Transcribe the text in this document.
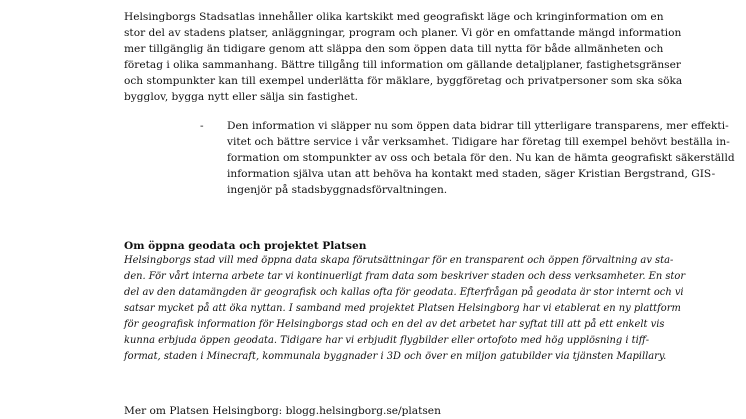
Helsingborgs Stadsatlas innehåller olika kartskikt med geografiskt läge och kringinformation om en
stor del av stadens platser, anläggningar, program och planer. Vi gör en omfattande mängd information
mer tillgänglig än tidigare genom att släppa den som öppen data till nytta för både allmänheten och
företag i olika sammanhang. Bättre tillgång till information om gällande detaljplaner, fastighetsgränser
och stompunkter kan till exempel underlätta för mäklare, byggföretag och privatpersoner som ska söka
bygglov, bygga nytt eller sälja sin fastighet.
- Den information vi släpper nu som öppen data bidrar till ytterligare transparens, mer effekti-
vitet och bättre service i vår verksamhet. Tidigare har företag till exempel behövt beställa in-
formation om stompunkter av oss och betala för den. Nu kan de hämta geografiskt säkerställd
information själva utan att behöva ha kontakt med staden, säger Kristian Bergstrand, GIS-
ingenjör på stadsbyggnadsförvaltningen.
Om öppna geodata och projektet Platsen
Helsingborgs stad vill med öppna data skapa förutsättningar för en transparent och öppen förvaltning av sta-
den. För vårt interna arbete tar vi kontinuerligt fram data som beskriver staden och dess verksamheter. En stor
del av den datamängden är geografisk och kallas ofta för geodata. Efterfrågan på geodata är stor internt och vi
satsar mycket på att öka nyttan. I samband med projektet Platsen Helsingborg har vi etablerat en ny plattform
för geografisk information för Helsingborgs stad och en del av det arbetet har syftat till att på ett enkelt vis
kunna erbjuda öppen geodata. Tidigare har vi erbjudit flygbilder eller ortofoto med hög upplösning i tiff-
format, staden i Minecraft, kommunala byggnader i 3D och över en miljon gatubilder via tjänsten Mapillary.
Mer om Platsen Helsingborg: blogg.helsingborg.se/platsen
